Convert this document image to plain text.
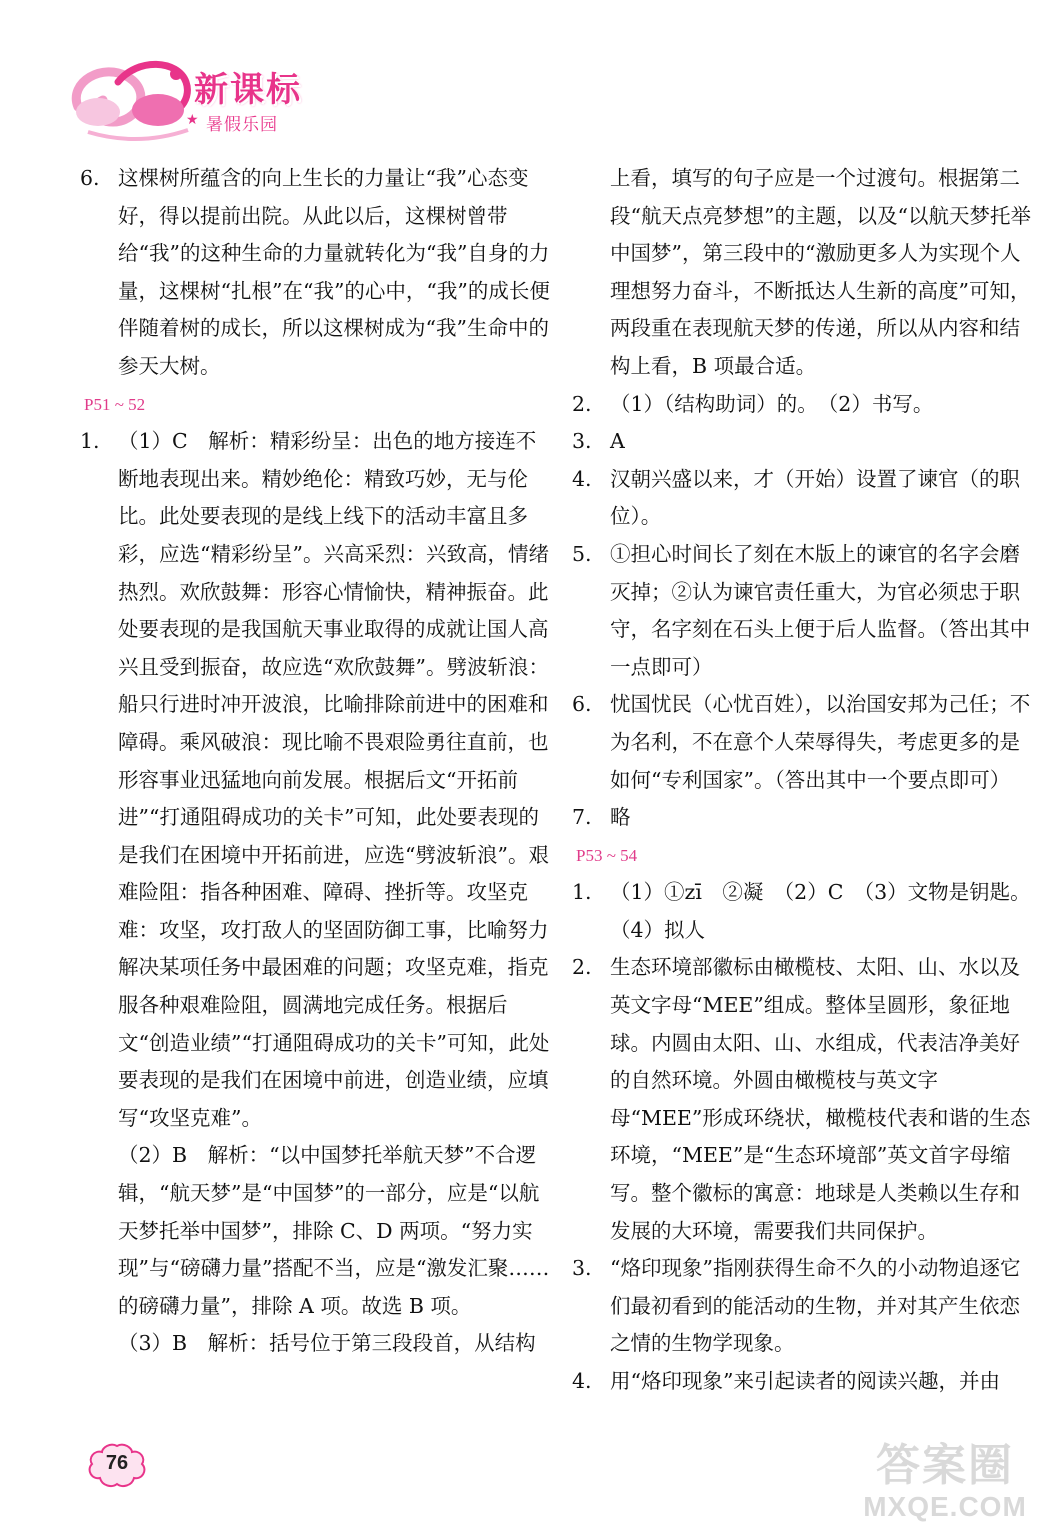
新课标
★ 暑假乐园

6. 这棵树所蕴含的向上生长的力量让“我”心态变好，得以提前出院。从此以后，这棵树曾带给“我”的这种生命的力量就转化为“我”自身的力量，这棵树“扎根”在“我”的心中，“我”的成长便伴随着树的成长，所以这棵树成为“我”生命中的参天大树。

P51 ~ 52

1. （1）C　解析：精彩纷呈：出色的地方接连不断地表现出来。精妙绝伦：精致巧妙，无与伦比。此处要表现的是线上线下的活动丰富且多彩，应选“精彩纷呈”。兴高采烈：兴致高，情绪热烈。欢欣鼓舞：形容心情愉快，精神振奋。此处要表现的是我国航天事业取得的成就让国人高兴且受到振奋，故应选“欢欣鼓舞”。劈波斩浪：船只行进时冲开波浪，比喻排除前进中的困难和障碍。乘风破浪：现比喻不畏艰险勇往直前，也形容事业迅猛地向前发展。根据后文“开拓前进”“打通阻碍成功的关卡”可知，此处要表现的是我们在困境中开拓前进，应选“劈波斩浪”。艰难险阻：指各种困难、障碍、挫折等。攻坚克难：攻坚，攻打敌人的坚固防御工事，比喻努力解决某项任务中最困难的问题；攻坚克难，指克服各种艰难险阻，圆满地完成任务。根据后文“创造业绩”“打通阻碍成功的关卡”可知，此处要表现的是我们在困境中前进，创造业绩，应填写“攻坚克难”。

（2）B　解析：“以中国梦托举航天梦”不合逻辑，“航天梦”是“中国梦”的一部分，应是“以航天梦托举中国梦”，排除 C、D 两项。“努力实现”与“磅礴力量”搭配不当，应是“激发汇聚……的磅礴力量”，排除 A 项。故选 B 项。

（3）B　解析：括号位于第三段段首，从结构

上看，填写的句子应是一个过渡句。根据第二段“航天点亮梦想”的主题，以及“以航天梦托举中国梦”，第三段中的“激励更多人为实现个人理想努力奋斗，不断抵达人生新的高度”可知，两段重在表现航天梦的传递，所以从内容和结构上看，B 项最合适。

2. （1）（结构助词）的。　（2）书写。

3. A

4. 汉朝兴盛以来，才（开始）设置了谏官（的职位）。

5. ①担心时间长了刻在木版上的谏官的名字会磨灭掉；②认为谏官责任重大，为官必须忠于职守，名字刻在石头上便于后人监督。（答出其中一点即可）

6. 忧国忧民（心忧百姓），以治国安邦为己任；不为名利，不在意个人荣辱得失，考虑更多的是如何“专利国家”。（答出其中一个要点即可）

7. 略

P53 ~ 54

1. （1）①zī　②凝　（2）C　（3）文物是钥匙。

（4）拟人

2. 生态环境部徽标由橄榄枝、太阳、山、水以及英文字母“MEE”组成。整体呈圆形，象征地球。内圆由太阳、山、水组成，代表洁净美好的自然环境。外圆由橄榄枝与英文字母“MEE”形成环绕状，橄榄枝代表和谐的生态环境，“MEE”是“生态环境部”英文首字母缩写。整个徽标的寓意：地球是人类赖以生存和发展的大环境，需要我们共同保护。

3. “烙印现象”指刚获得生命不久的小动物追逐它们最初看到的能活动的生物，并对其产生依恋之情的生物学现象。

4. 用“烙印现象”来引起读者的阅读兴趣，并由

76	答案圈
MXQE.COM
